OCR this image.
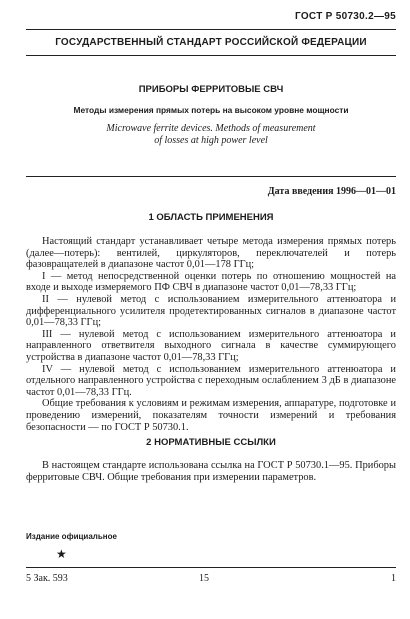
ГОСТ Р 50730.2—95
ГОСУДАРСТВЕННЫЙ СТАНДАРТ РОССИЙСКОЙ ФЕДЕРАЦИИ
ПРИБОРЫ ФЕРРИТОВЫЕ СВЧ
Методы измерения прямых потерь на высоком уровне мощности
Microwave ferrite devices. Methods of measurement
of losses at high power level
Дата введения 1996—01—01
1 ОБЛАСТЬ ПРИМЕНЕНИЯ

Настоящий стандарт устанавливает четыре метода измерения прямых потерь (далее—потерь): вентилей, циркуляторов, переключателей и потерь фазовращателей в диапазоне частот 0,01—178 ГГц;

I — метод непосредственной оценки потерь по отношению мощностей на входе и выходе измеряемого ПФ СВЧ в диапазоне частот 0,01—78,33 ГГц;

II — нулевой метод с использованием измерительного аттенюатора и дифференциального усилителя продетектированных сигналов в диапазоне частот 0,01—78,33 ГГц;

III — нулевой метод с использованием измерительного аттенюатора и направленного ответвителя выходного сигнала в качестве суммирующего устройства в диапазоне частот 0,01—78,33 ГГц;

IV — нулевой метод с использованием измерительного аттенюатора и отдельного направленного устройства с переходным ослаблением 3 дБ в диапазоне частот 0,01—78,33 ГГц.

Общие требования к условиям и режимам измерения, аппаратуре, подготовке и проведению измерений, показателям точности измерений и требования безопасности — по ГОСТ Р 50730.1.

2 НОРМАТИВНЫЕ ССЫЛКИ

В настоящем стандарте использована ссылка на ГОСТ Р 50730.1—95. Приборы ферритовые СВЧ. Общие требования при измерении параметров.

Издание официальное
★
5 Зак. 593	15	1
